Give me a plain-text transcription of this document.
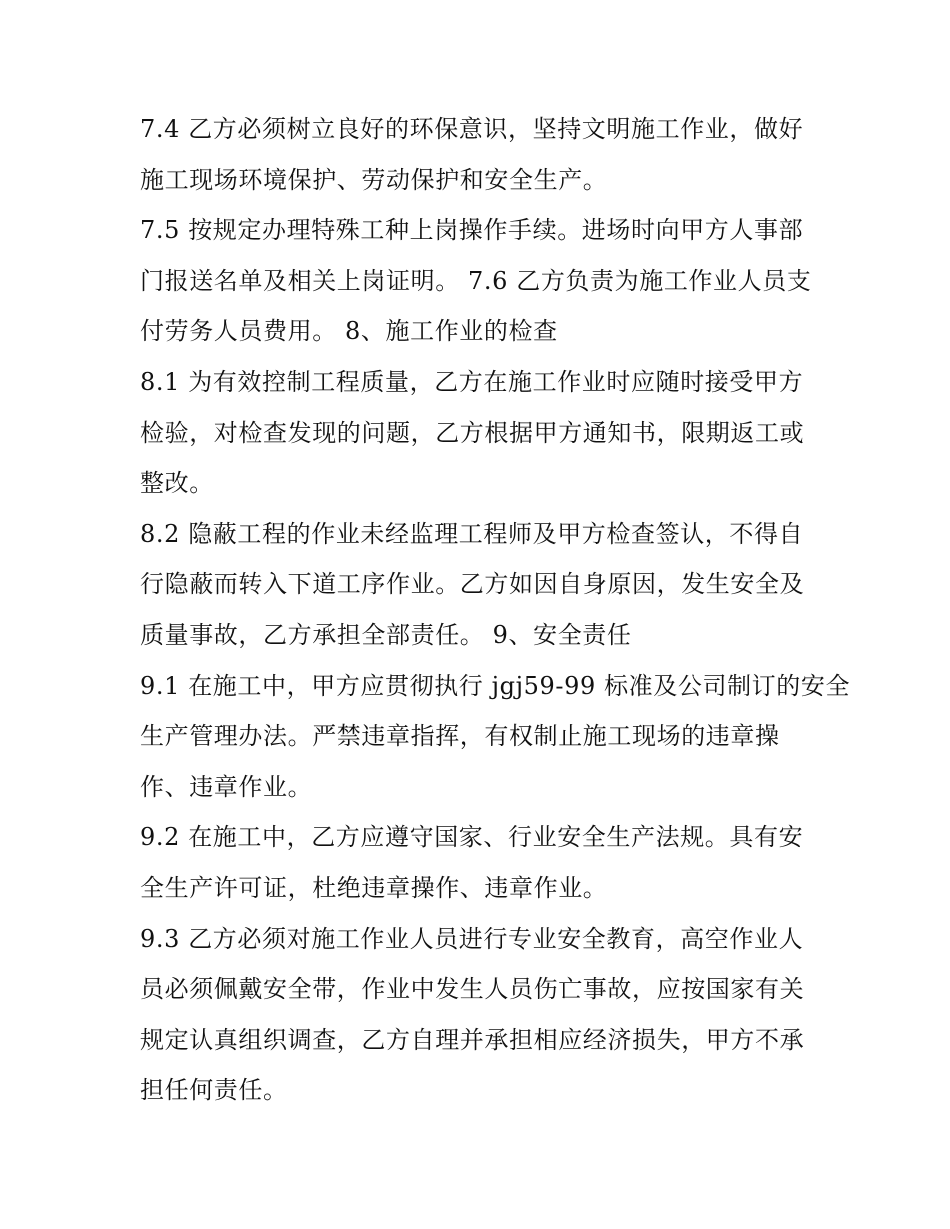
7.4 乙方必须树立良好的环保意识，坚持文明施工作业，做好
施工现场环境保护、劳动保护和安全生产。
7.5 按规定办理特殊工种上岗操作手续。进场时向甲方人事部
门报送名单及相关上岗证明。 7.6 乙方负责为施工作业人员支
付劳务人员费用。 8、施工作业的检查
8.1 为有效控制工程质量，乙方在施工作业时应随时接受甲方
检验，对检查发现的问题，乙方根据甲方通知书，限期返工或
整改。
8.2 隐蔽工程的作业未经监理工程师及甲方检查签认，不得自
行隐蔽而转入下道工序作业。乙方如因自身原因，发生安全及
质量事故，乙方承担全部责任。 9、安全责任
9.1 在施工中，甲方应贯彻执行 jgj59-99 标准及公司制订的安全
生产管理办法。严禁违章指挥，有权制止施工现场的违章操
作、违章作业。
9.2 在施工中，乙方应遵守国家、行业安全生产法规。具有安
全生产许可证，杜绝违章操作、违章作业。
9.3 乙方必须对施工作业人员进行专业安全教育，高空作业人
员必须佩戴安全带，作业中发生人员伤亡事故，应按国家有关
规定认真组织调查，乙方自理并承担相应经济损失，甲方不承
担任何责任。
